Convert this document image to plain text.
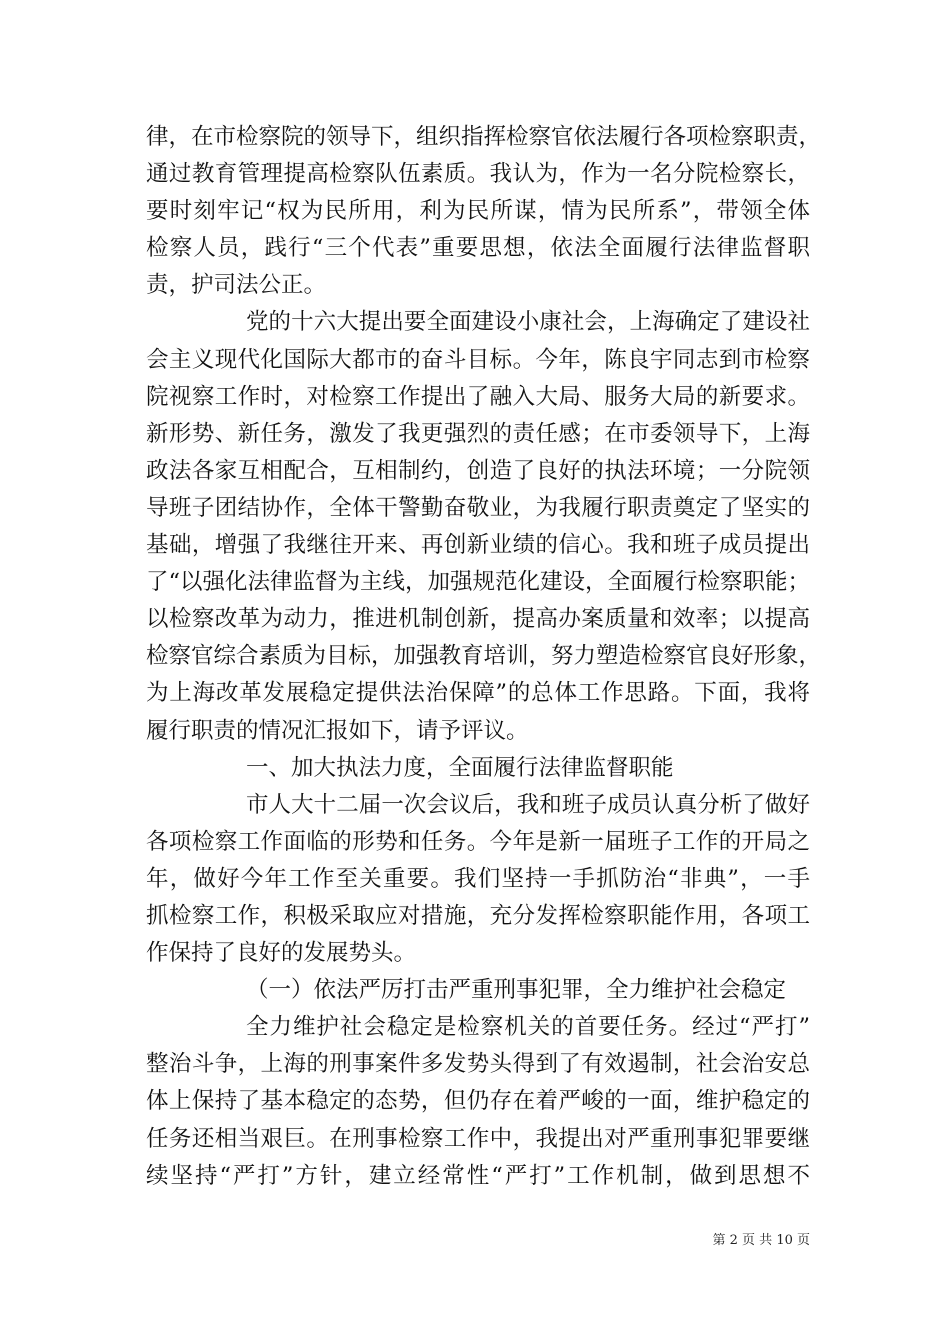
律，在市检察院的领导下，组织指挥检察官依法履行各项检察职责，
通过教育管理提高检察队伍素质。我认为，作为一名分院检察长，
要时刻牢记“权为民所用，利为民所谋，情为民所系”，带领全体
检察人员，践行“三个代表”重要思想，依法全面履行法律监督职
责，护司法公正。
党的十六大提出要全面建设小康社会，上海确定了建设社
会主义现代化国际大都市的奋斗目标。今年，陈良宇同志到市检察
院视察工作时，对检察工作提出了融入大局、服务大局的新要求。
新形势、新任务，激发了我更强烈的责任感；在市委领导下，上海
政法各家互相配合，互相制约，创造了良好的执法环境；一分院领
导班子团结协作，全体干警勤奋敬业，为我履行职责奠定了坚实的
基础，增强了我继往开来、再创新业绩的信心。我和班子成员提出
了“以强化法律监督为主线，加强规范化建设，全面履行检察职能；
以检察改革为动力，推进机制创新，提高办案质量和效率；以提高
检察官综合素质为目标，加强教育培训，努力塑造检察官良好形象，
为上海改革发展稳定提供法治保障”的总体工作思路。下面，我将
履行职责的情况汇报如下，请予评议。
一、加大执法力度，全面履行法律监督职能
市人大十二届一次会议后，我和班子成员认真分析了做好
各项检察工作面临的形势和任务。今年是新一届班子工作的开局之
年，做好今年工作至关重要。我们坚持一手抓防治“非典”，一手
抓检察工作，积极采取应对措施，充分发挥检察职能作用，各项工
作保持了良好的发展势头。
（一）依法严厉打击严重刑事犯罪，全力维护社会稳定
全力维护社会稳定是检察机关的首要任务。经过“严打”
整治斗争，上海的刑事案件多发势头得到了有效遏制，社会治安总
体上保持了基本稳定的态势，但仍存在着严峻的一面，维护稳定的
任务还相当艰巨。在刑事检察工作中，我提出对严重刑事犯罪要继
续坚持“严打”方针，建立经常性“严打”工作机制，做到思想不
第 2 页 共 10 页
